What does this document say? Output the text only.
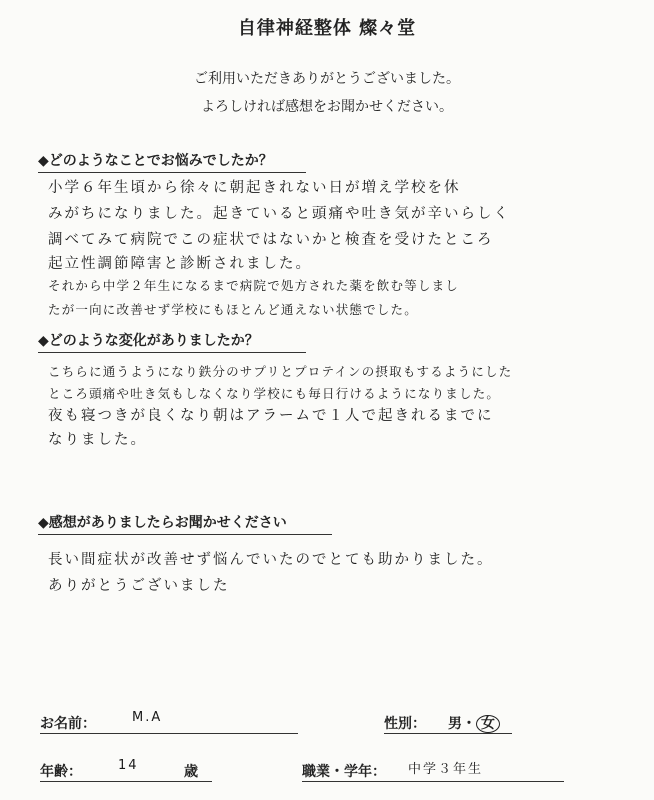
自律神経整体 燦々堂
ご利用いただきありがとうございました。
よろしければ感想をお聞かせください。
◆どのようなことでお悩みでしたか？
小学６年生頃から徐々に朝起きれない日が増え学校を休
みがちになりました。起きていると頭痛や吐き気が辛いらしく
調べてみて病院でこの症状ではないかと検査を受けたところ
起立性調節障害と診断されました。
それから中学２年生になるまで病院で処方された薬を飲む等しまし
たが一向に改善せず学校にもほとんど通えない状態でした。
◆どのような変化がありましたか？
こちらに通うようになり鉄分のサプリとプロテインの摂取もするようにした
ところ頭痛や吐き気もしなくなり学校にも毎日行けるようになりました。
夜も寝つきが良くなり朝はアラームで１人で起きれるまでに
なりました。
◆感想がありましたらお聞かせください
長い間症状が改善せず悩んでいたのでとても助かりました。
ありがとうございました
お名前：	M.A	性別： 男・ 女
年齢：	14	歳	職業・学年： 中学３年生
